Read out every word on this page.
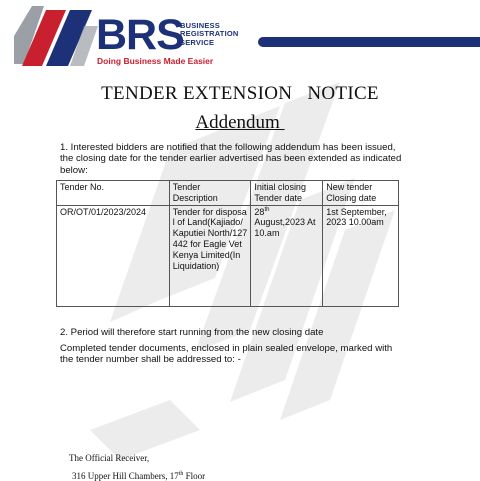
BRS
BUSINESS
REGISTRATION
SERVICE
Doing Business Made Easier
TENDER EXTENSION   NOTICE
Addendum
1. Interested bidders are notified that the following addendum has been issued, the closing date for the tender earlier advertised has been extended as indicated below:
Tender No.	Tender Description	Initial closing Tender date	New tender Closing date
OR/OT/01/2023/2024	Tender for disposal of Land(Kajiado/Kaputiei North/127442 for Eagle Vet Kenya Limited(In Liquidation)	28th August,2023 At 10.am	1st September, 2023 10.00am
2. Period will therefore start running from the new closing date
Completed tender documents, enclosed in plain sealed envelope, marked with the tender number shall be addressed to: -
The Official Receiver,
316 Upper Hill Chambers, 17th Floor
